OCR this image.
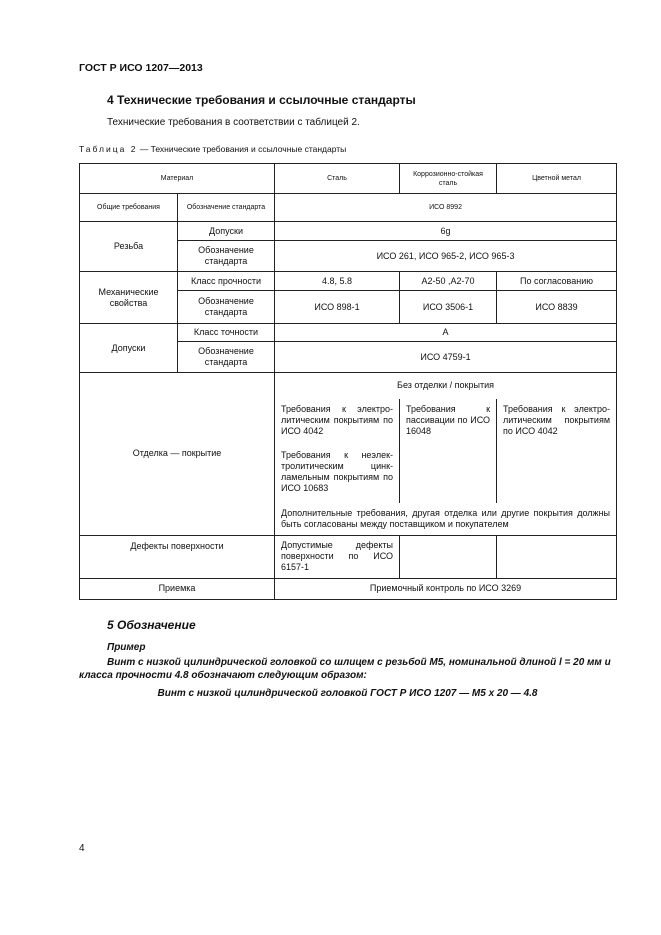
ГОСТ Р ИСО 1207—2013
4 Технические требования и ссылочные стандарты
Технические требования в соответствии с таблицей 2.
Таблица 2 — Технические требования и ссылочные стандарты
Материал		Сталь	Коррозионно-стойкая сталь	Цветной метал
Общие требования	Обозначение стандарта	ИСО 8992		
Резьба	Допуски	6g		
	Обозначение стандарта	ИСО 261, ИСО 965-2, ИСО 965-3		
Механические свойства	Класс прочности	4.8, 5.8	А2-50 ,А2-70	По согласованию
	Обозначение стандарта	ИСО 898-1	ИСО 3506-1	ИСО 8839
Допуски	Класс точности	А		
	Обозначение стандарта	ИСО 4759-1		
Отделка — покрытие		Без отделки / покрытия		
		Требования к электро-литическим покрытиям по ИСО 4042	Требования к пассивации по ИСО 16048	Требования к электро-литическим покрытиям по ИСО 4042
		Требования к неэлек-тролитическим цинк-ламельным покрытиям по ИСО 10683		
		Дополнительные требования, другая отделка или другие покрытия должны быть согласованы между поставщиком и покупателем		
Дефекты поверхности		Допустимые дефекты поверхности по ИСО 6157-1		
Приемка		Приемочный контроль по ИСО 3269		
5 Обозначение
Пример
Винт с низкой цилиндрической головкой со шлицем с резьбой М5, номинальной длиной l = 20 мм и класса прочности 4.8 обозначают следующим образом:
Винт с низкой цилиндрической головкой ГОСТ Р ИСО 1207 — М5 х 20 — 4.8
4
